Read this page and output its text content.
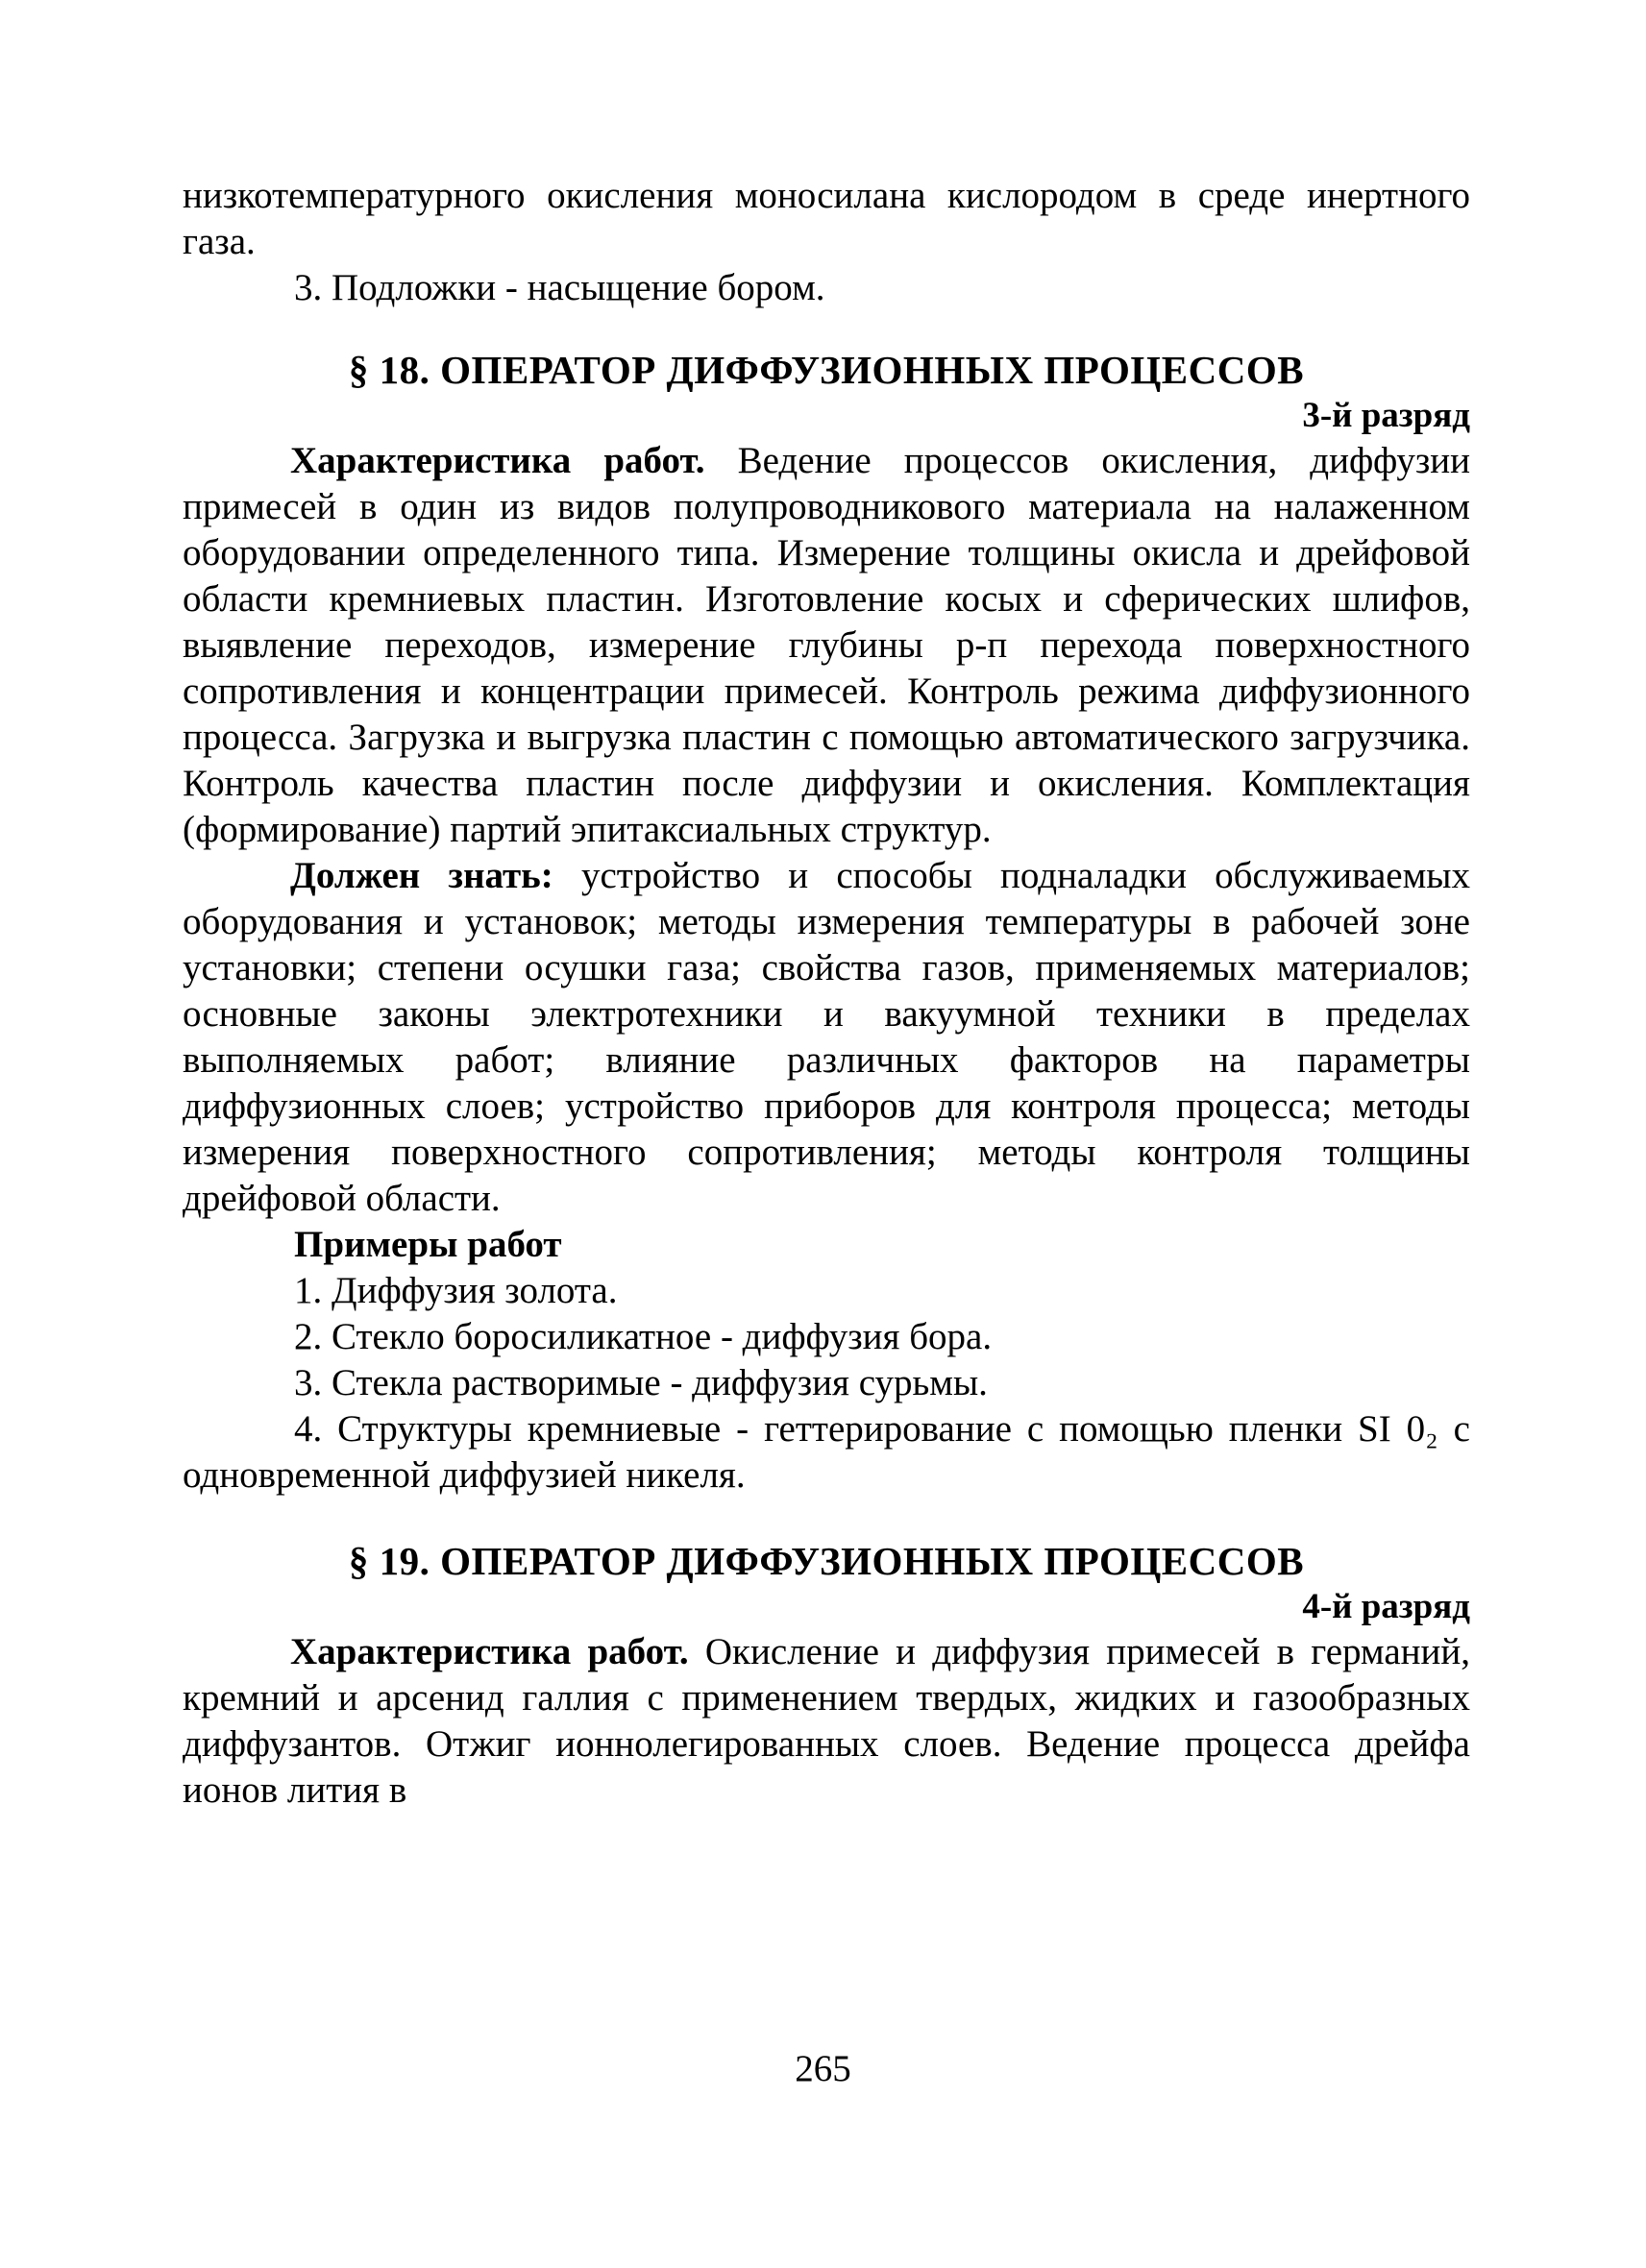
низкотемпературного окисления моносилана кислородом в среде инертного газа.

3. Подложки - насыщение бором.

§ 18. ОПЕРАТОР ДИФФУЗИОННЫХ ПРОЦЕССОВ
3-й разряд

Характеристика работ. Ведение процессов окисления, диффузии примесей в один из видов полупроводникового материала на налаженном оборудовании определенного типа. Измерение толщины окисла и дрейфовой области кремниевых пластин. Изготовление косых и сферических шлифов, выявление переходов, измерение глубины р-п перехода поверхностного сопротивления и концентрации примесей. Контроль режима диффузионного процесса. Загрузка и выгрузка пластин с помощью автоматического загрузчика. Контроль качества пластин после диффузии и окисления. Комплектация (формирование) партий эпитаксиальных структур.

Должен знать: устройство и способы подналадки обслуживаемых оборудования и установок; методы измерения температуры в рабочей зоне установки; степени осушки газа; свойства газов, применяемых материалов; основные законы электротехники и вакуумной техники в пределах выполняемых работ; влияние различных факторов на параметры диффузионных слоев; устройство приборов для контроля процесса; методы измерения поверхностного сопротивления; методы контроля толщины дрейфовой области.

Примеры работ

1. Диффузия золота.

2. Стекло боросиликатное - диффузия бора.

3. Стекла растворимые - диффузия сурьмы.

4. Структуры кремниевые - геттерирование с помощью пленки SI 0₂ с одновременной диффузией никеля.

§ 19. ОПЕРАТОР ДИФФУЗИОННЫХ ПРОЦЕССОВ
4-й разряд

Характеристика работ. Окисление и диффузия примесей в германий, кремний и арсенид галлия с применением твердых, жидких и газообразных диффузантов. Отжиг ионнолегированных слоев. Ведение процесса дрейфа ионов лития в

265
